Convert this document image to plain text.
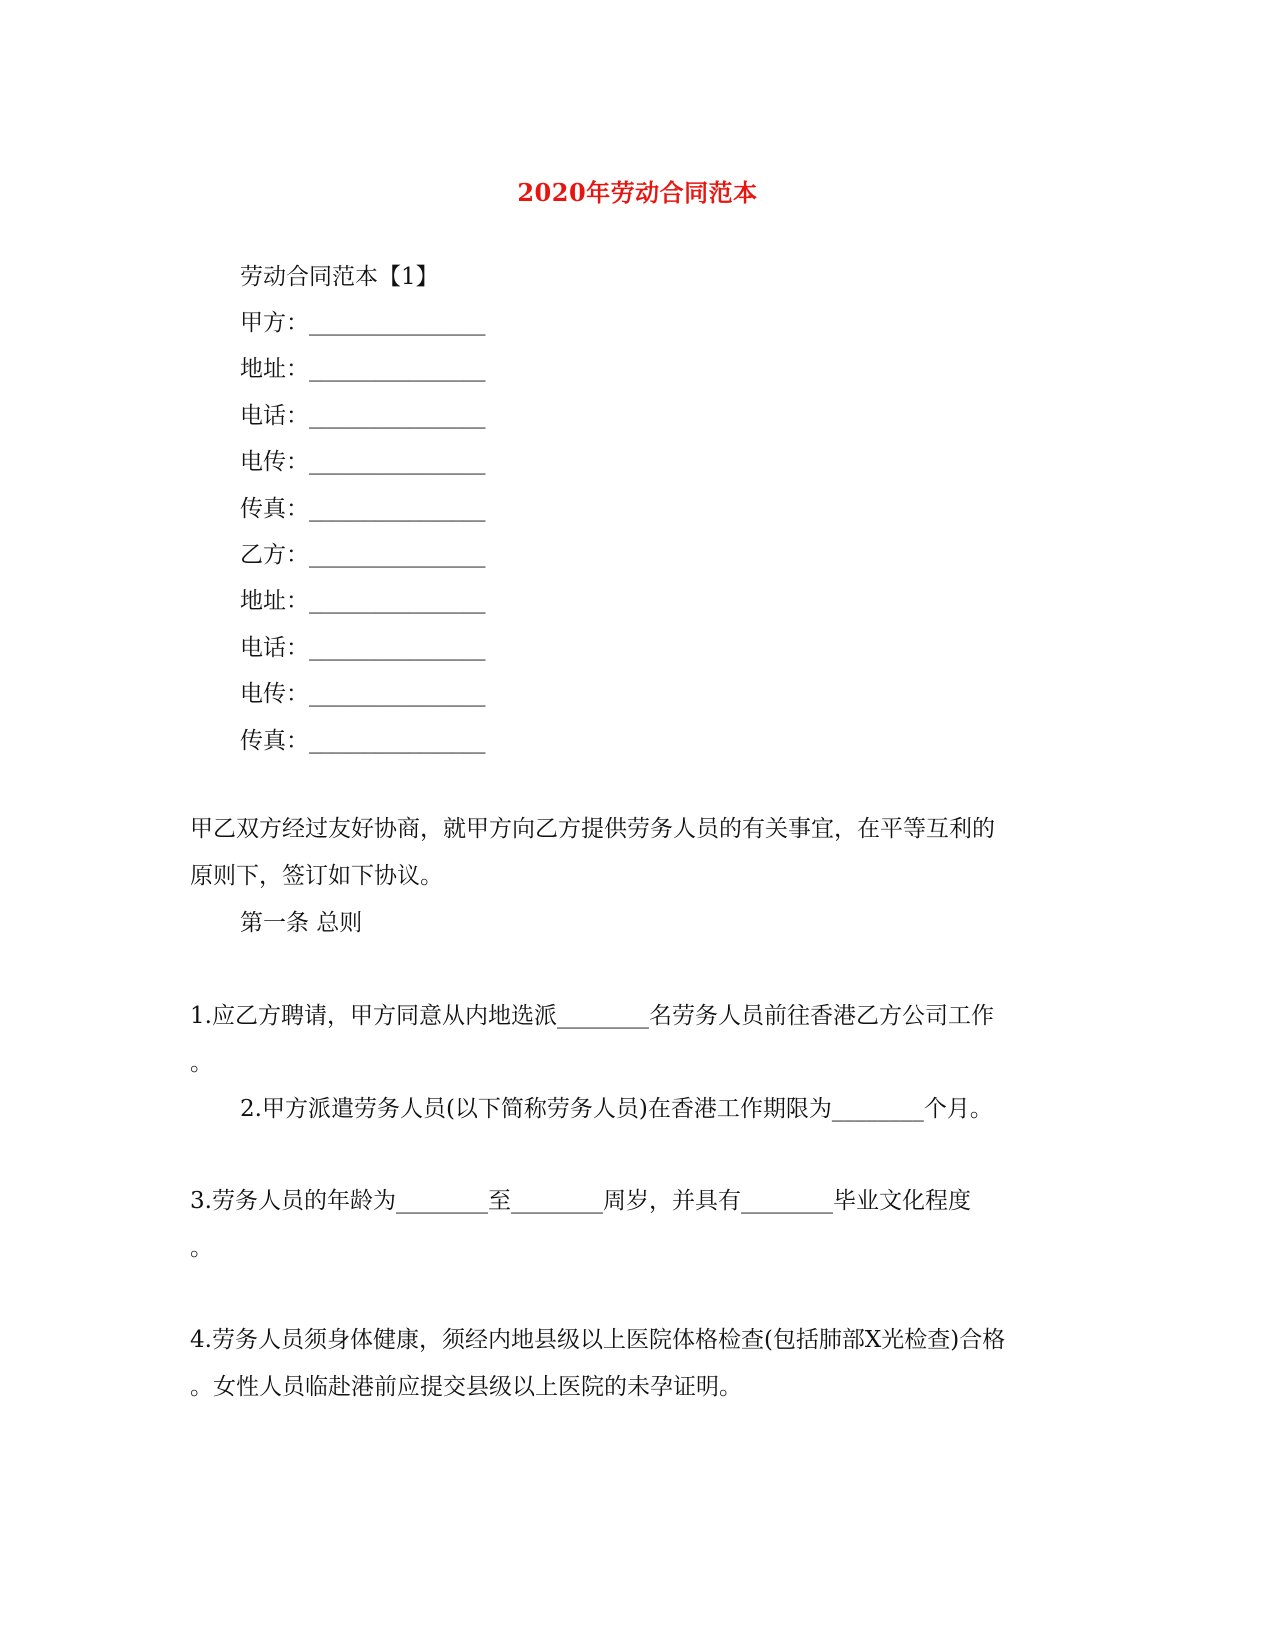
2020年劳动合同范本
劳动合同范本【1】
甲方：________________
地址：________________
电话：________________
电传：________________
传真：________________
乙方：________________
地址：________________
电话：________________
电传：________________
传真：________________
甲乙双方经过友好协商，就甲方向乙方提供劳务人员的有关事宜，在平等互利的
原则下，签订如下协议。
第一条 总则
1.应乙方聘请，甲方同意从内地选派________名劳务人员前往香港乙方公司工作
。
2.甲方派遣劳务人员(以下简称劳务人员)在香港工作期限为________个月。
3.劳务人员的年龄为________至________周岁，并具有________毕业文化程度
。
4.劳务人员须身体健康，须经内地县级以上医院体格检查(包括肺部X光检查)合格
。女性人员临赴港前应提交县级以上医院的未孕证明。
